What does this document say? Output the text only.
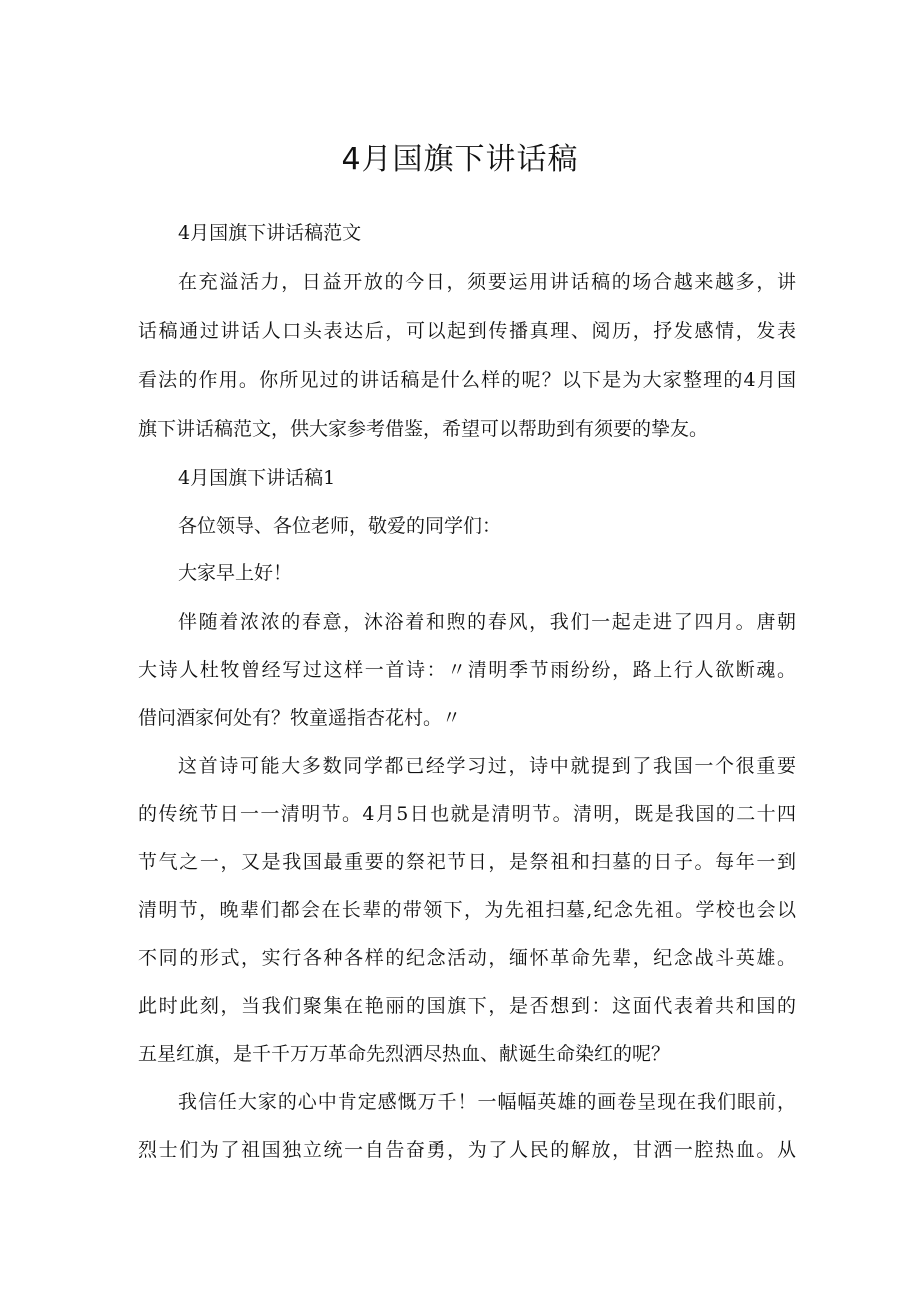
4月国旗下讲话稿
4月国旗下讲话稿范文
在充溢活力，日益开放的今日，须要运用讲话稿的场合越来越多，讲
话稿通过讲话人口头表达后，可以起到传播真理、阅历，抒发感情，发表
看法的作用。你所见过的讲话稿是什么样的呢？以下是为大家整理的4月国
旗下讲话稿范文，供大家参考借鉴，希望可以帮助到有须要的挚友。
4月国旗下讲话稿1
各位领导、各位老师，敬爱的同学们：
大家早上好！
伴随着浓浓的春意，沐浴着和煦的春风，我们一起走进了四月。唐朝
大诗人杜牧曾经写过这样一首诗：〃清明季节雨纷纷，路上行人欲断魂。
借问酒家何处有？牧童遥指杏花村。〃
这首诗可能大多数同学都已经学习过，诗中就提到了我国一个很重要
的传统节日一一清明节。4月5日也就是清明节。清明，既是我国的二十四
节气之一，又是我国最重要的祭祀节日，是祭祖和扫墓的日子。每年一到
清明节，晚辈们都会在长辈的带领下，为先祖扫墓,纪念先祖。学校也会以
不同的形式，实行各种各样的纪念活动，缅怀革命先辈，纪念战斗英雄。
此时此刻，当我们聚集在艳丽的国旗下，是否想到：这面代表着共和国的
五星红旗，是千千万万革命先烈洒尽热血、献诞生命染红的呢？
我信任大家的心中肯定感慨万千！一幅幅英雄的画卷呈现在我们眼前，
烈士们为了祖国独立统一自告奋勇，为了人民的解放，甘洒一腔热血。从
